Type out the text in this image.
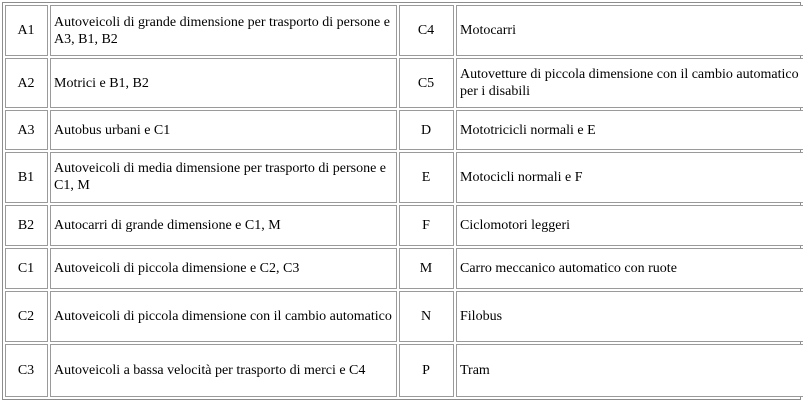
A1	Autoveicoli di grande dimensione per trasporto di persone e A3, B1, B2	C4	Motocarri
A2	Motrici e B1, B2	C5	Autovetture di piccola dimensione con il cambio automatico per i disabili
A3	Autobus urbani e C1	D	Mototricicli normali e E
B1	Autoveicoli di media dimensione per trasporto di persone e C1, M	E	Motocicli normali e F
B2	Autocarri di grande dimensione e C1, M	F	Ciclomotori leggeri
C1	Autoveicoli di piccola dimensione e C2, C3	M	Carro meccanico automatico con ruote
C2	Autoveicoli di piccola dimensione con il cambio automatico	N	Filobus
C3	Autoveicoli a bassa velocità per trasporto di merci e C4	P	Tram
